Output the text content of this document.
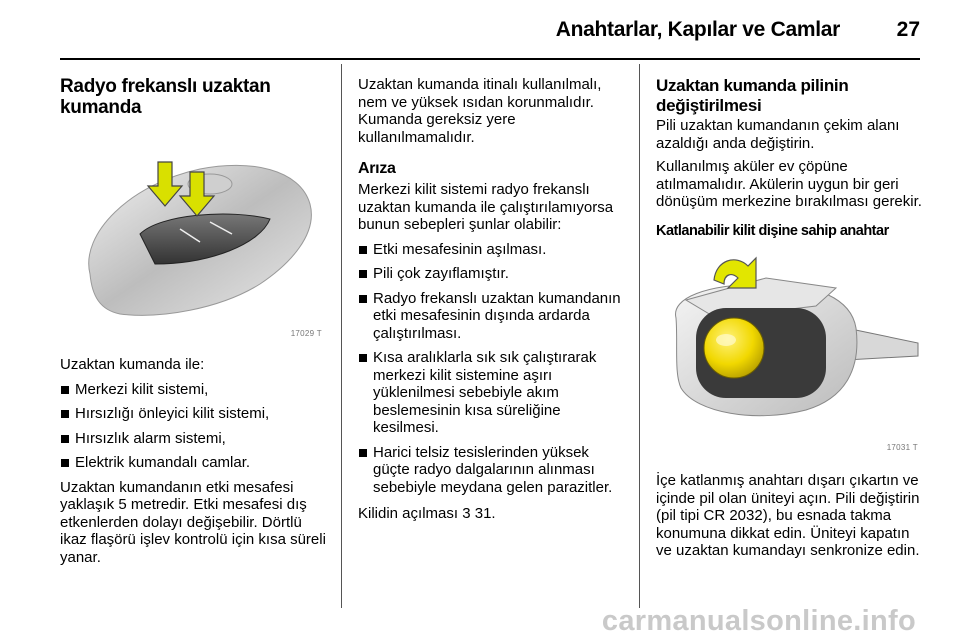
Anahtarlar, Kapılar ve Camlar	27
Radyo frekanslı uzaktan kumanda
17029 T

Uzaktan kumanda ile:

Merkezi kilit sistemi,
Hırsızlığı önleyici kilit sistemi,
Hırsızlık alarm sistemi,
Elektrik kumandalı camlar.

Uzaktan kumandanın etki mesafesi yaklaşık 5 metredir. Etki mesafesi dış etkenlerden dolayı değişebilir. Dörtlü ikaz flaşörü işlev kontrolü için kısa süreli yanar.

Uzaktan kumanda itinalı kullanılmalı, nem ve yüksek ısıdan korunmalıdır. Kumanda gereksiz yere kullanılmamalıdır.

Arıza

Merkezi kilit sistemi radyo frekanslı uzaktan kumanda ile çalıştırılamıyorsa bunun sebepleri şunlar olabilir:

Etki mesafesinin aşılması.
Pili çok zayıflamıştır.
Radyo frekanslı uzaktan kumandanın etki mesafesinin dışında ardarda çalıştırılması.
Kısa aralıklarla sık sık çalıştırarak merkezi kilit sistemine aşırı yüklenilmesi sebebiyle akım beslemesinin kısa süreliğine kesilmesi.
Harici telsiz tesislerinden yüksek güçte radyo dalgalarının alınması sebebiyle meydana gelen parazitler.

Kilidin açılması 3 31.

Uzaktan kumanda pilinin değiştirilmesi

Pili uzaktan kumandanın çekim alanı azaldığı anda değiştirin.

Kullanılmış aküler ev çöpüne atılmamalıdır. Akülerin uygun bir geri dönüşüm merkezine bırakılması gerekir.

Katlanabilir kilit dişine sahip anahtar
17031 T

İçe katlanmış anahtarı dışarı çıkartın ve içinde pil olan üniteyi açın. Pili değiştirin (pil tipi CR 2032), bu esnada takma konumuna dikkat edin. Üniteyi kapatın ve uzaktan kumandayı senkronize edin.

carmanualsonline.info
